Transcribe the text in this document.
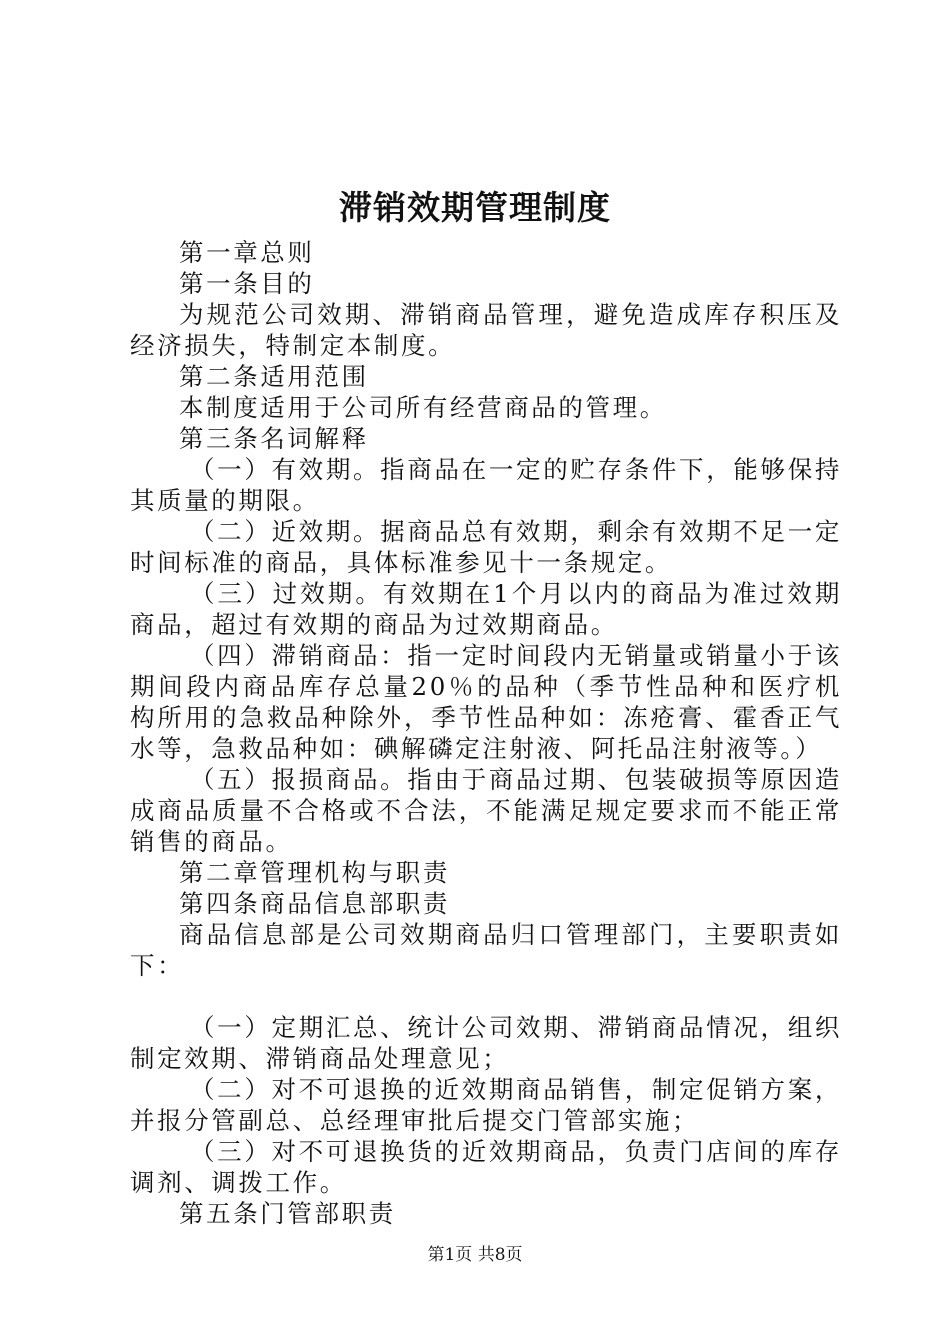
滞销效期管理制度

第一章总则

第一条目的

为规范公司效期、滞销商品管理，避免造成库存积压及经济损失，特制定本制度。

第二条适用范围

本制度适用于公司所有经营商品的管理。

第三条名词解释

（一）有效期。指商品在一定的贮存条件下，能够保持其质量的期限。

（二）近效期。据商品总有效期，剩余有效期不足一定时间标准的商品，具体标准参见十一条规定。

（三）过效期。有效期在1个月以内的商品为准过效期商品，超过有效期的商品为过效期商品。

（四）滞销商品：指一定时间段内无销量或销量小于该期间段内商品库存总量20％的品种（季节性品种和医疗机构所用的急救品种除外，季节性品种如：冻疮膏、霍香正气水等，急救品种如：碘解磷定注射液、阿托品注射液等。）

（五）报损商品。指由于商品过期、包装破损等原因造成商品质量不合格或不合法，不能满足规定要求而不能正常销售的商品。

第二章管理机构与职责

第四条商品信息部职责

商品信息部是公司效期商品归口管理部门，主要职责如下：

（一）定期汇总、统计公司效期、滞销商品情况，组织制定效期、滞销商品处理意见；

（二）对不可退换的近效期商品销售，制定促销方案，并报分管副总、总经理审批后提交门管部实施；

（三）对不可退换货的近效期商品，负责门店间的库存调剂、调拨工作。

第五条门管部职责

第1页 共8页
